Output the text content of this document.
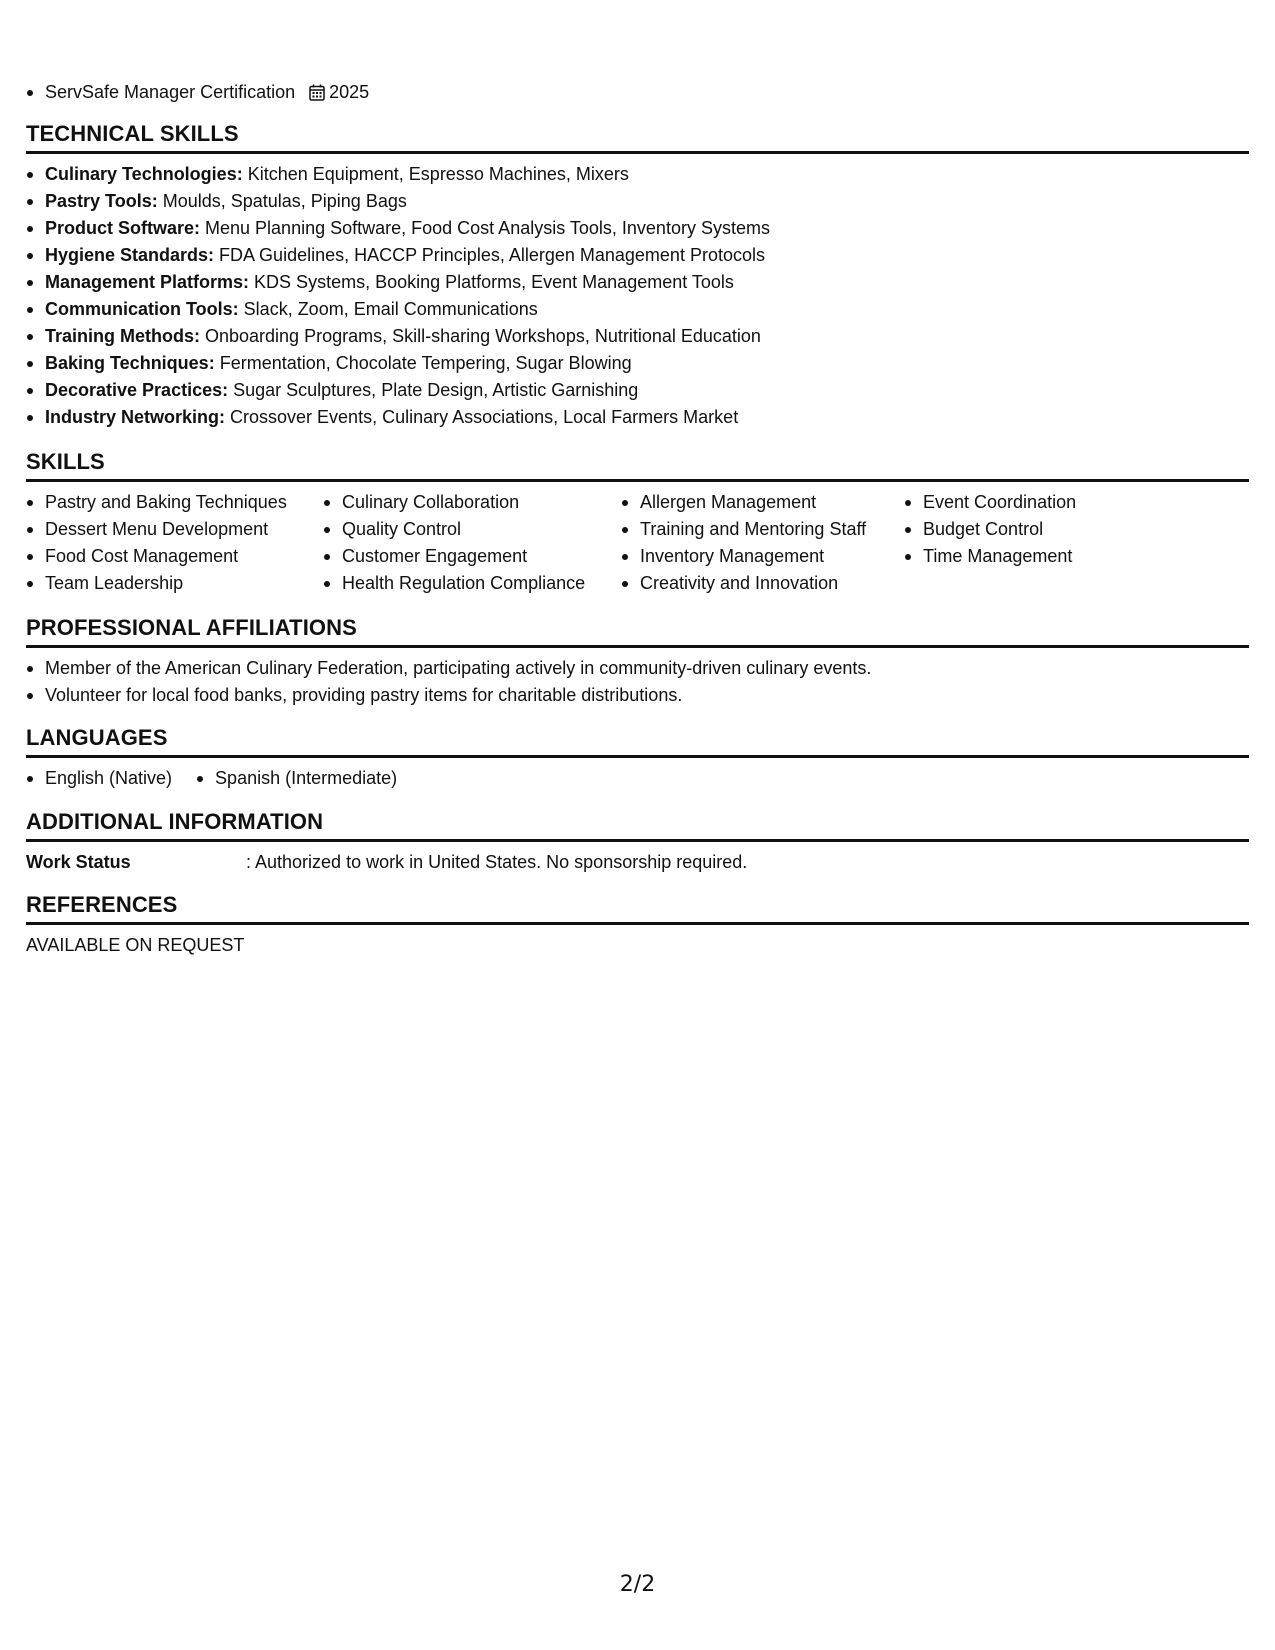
ServSafe Manager Certification 2025
TECHNICAL SKILLS
Culinary Technologies: Kitchen Equipment, Espresso Machines, Mixers
Pastry Tools: Moulds, Spatulas, Piping Bags
Product Software: Menu Planning Software, Food Cost Analysis Tools, Inventory Systems
Hygiene Standards: FDA Guidelines, HACCP Principles, Allergen Management Protocols
Management Platforms: KDS Systems, Booking Platforms, Event Management Tools
Communication Tools: Slack, Zoom, Email Communications
Training Methods: Onboarding Programs, Skill-sharing Workshops, Nutritional Education
Baking Techniques: Fermentation, Chocolate Tempering, Sugar Blowing
Decorative Practices: Sugar Sculptures, Plate Design, Artistic Garnishing
Industry Networking: Crossover Events, Culinary Associations, Local Farmers Market
SKILLS
Pastry and Baking Techniques
Dessert Menu Development
Food Cost Management
Team Leadership
Culinary Collaboration
Quality Control
Customer Engagement
Health Regulation Compliance
Allergen Management
Training and Mentoring Staff
Inventory Management
Creativity and Innovation
Event Coordination
Budget Control
Time Management
PROFESSIONAL AFFILIATIONS
Member of the American Culinary Federation, participating actively in community-driven culinary events.
Volunteer for local food banks, providing pastry items for charitable distributions.
LANGUAGES
English (Native)	Spanish (Intermediate)
ADDITIONAL INFORMATION
Work Status	: Authorized to work in United States. No sponsorship required.
REFERENCES
AVAILABLE ON REQUEST
2/2
